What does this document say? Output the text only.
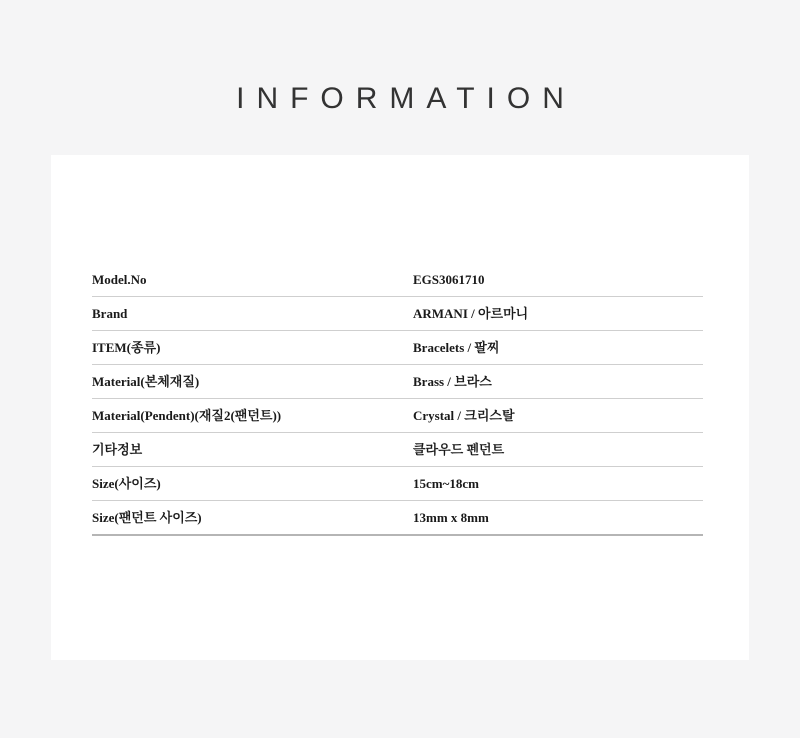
INFORMATION
Model.No	EGS3061710
Brand	ARMANI / 아르마니
ITEM(종류)	Bracelets / 팔찌
Material(본체재질)	Brass / 브라스
Material(Pendent)(재질2(팬던트))	Crystal / 크리스탈
기타정보	클라우드 펜던트
Size(사이즈)	15cm~18cm
Size(팬던트 사이즈)	13mm x 8mm
